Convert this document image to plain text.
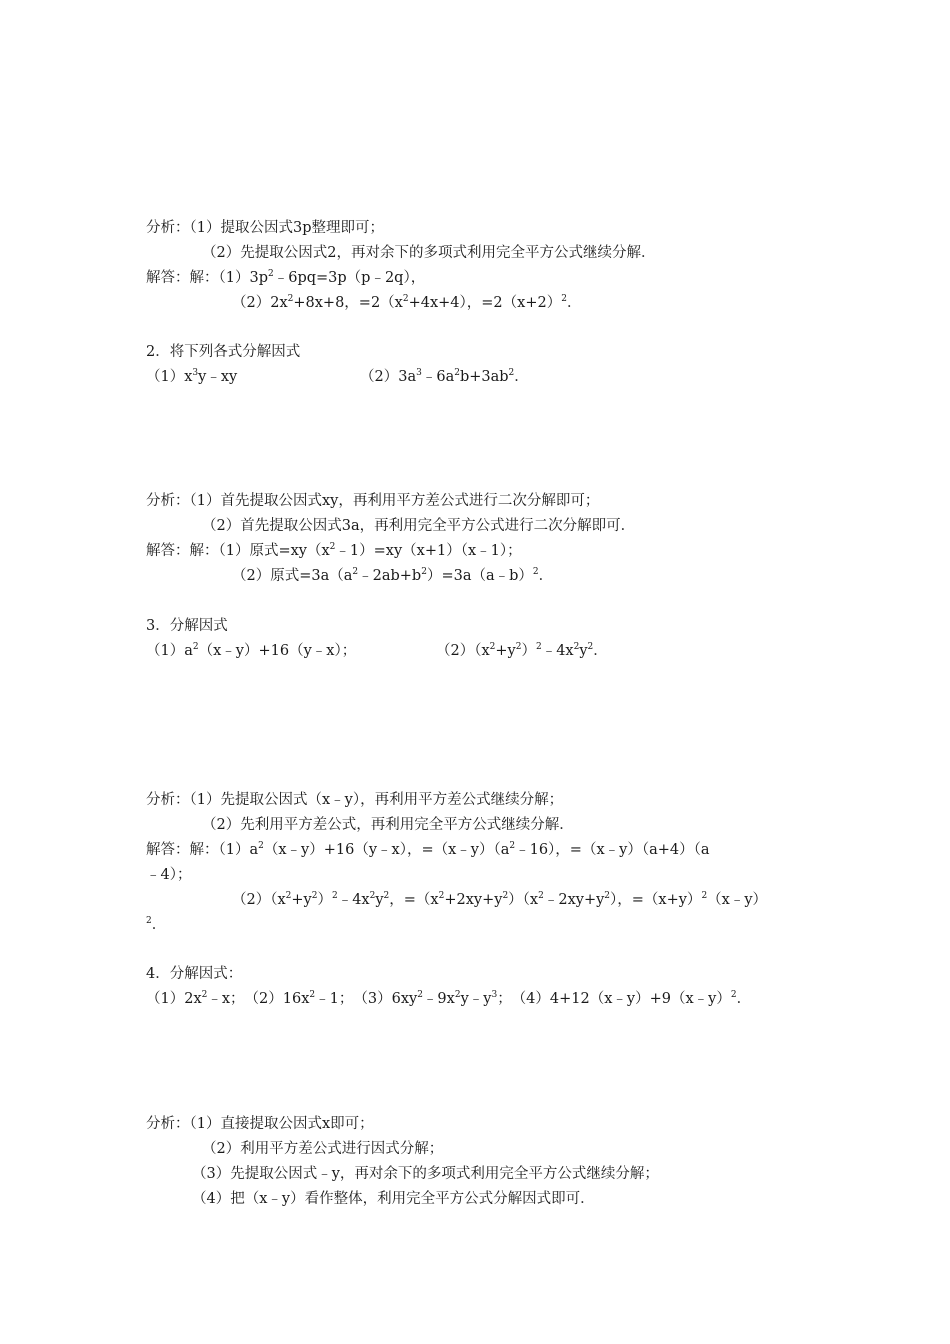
分析：（1）提取公因式3p整理即可；
（2）先提取公因式2，再对余下的多项式利用完全平方公式继续分解．
解答：解：$(1)3p^2﹣6pq=3p(p﹣2q)$，
$(2)2x^2+8x+8$，$=2(x^2+4x+4)$，$=2(x+2)^2$．
2．将下列各式分解因式
$(1)x^3y﹣xy$	$(2)3a^3﹣6a^2b+3ab^2$．
分析：（1）首先提取公因式xy，再利用平方差公式进行二次分解即可；
（2）首先提取公因式3a，再利用完全平方公式进行二次分解即可．
解答：解：（1）原式$=xy(x^2﹣1)=xy(x+1)(x﹣1)$；
（2）原式$=3a(a^2﹣2ab+b^2)=3a(a﹣b)^2$．
3．分解因式
$(1)a^2(x﹣y)+16(y﹣x)$；	$(2)(x^2+y^2)^2﹣4x^2y^2$．
分析：（1）先提取公因式（x﹣y），再利用平方差公式继续分解；
（2）先利用平方差公式，再利用完全平方公式继续分解．
解答：解：$(1)a^2(x﹣y)+16(y﹣x)$，$=(x﹣y)(a^2﹣16)$，=（x﹣y）（a+4）（a
﹣4）；
$(2)(x^2+y^2)^2﹣4x^2y^2$，$=(x^2+2xy+y^2)(x^2﹣2xy+y^2)$，$=(x+y)^2(x﹣y)$
$^2$．
4．分解因式：
$(1)2x^2﹣x$；　$(2)16x^2﹣1$；　$(3)6xy^2﹣9x^2y﹣y^3$；　（4）4+12（x﹣y）+9（x﹣y）$^2$．
分析：（1）直接提取公因式x即可；
（2）利用平方差公式进行因式分解；
（3）先提取公因式﹣y，再对余下的多项式利用完全平方公式继续分解；
（4）把（x﹣y）看作整体，利用完全平方公式分解因式即可．
